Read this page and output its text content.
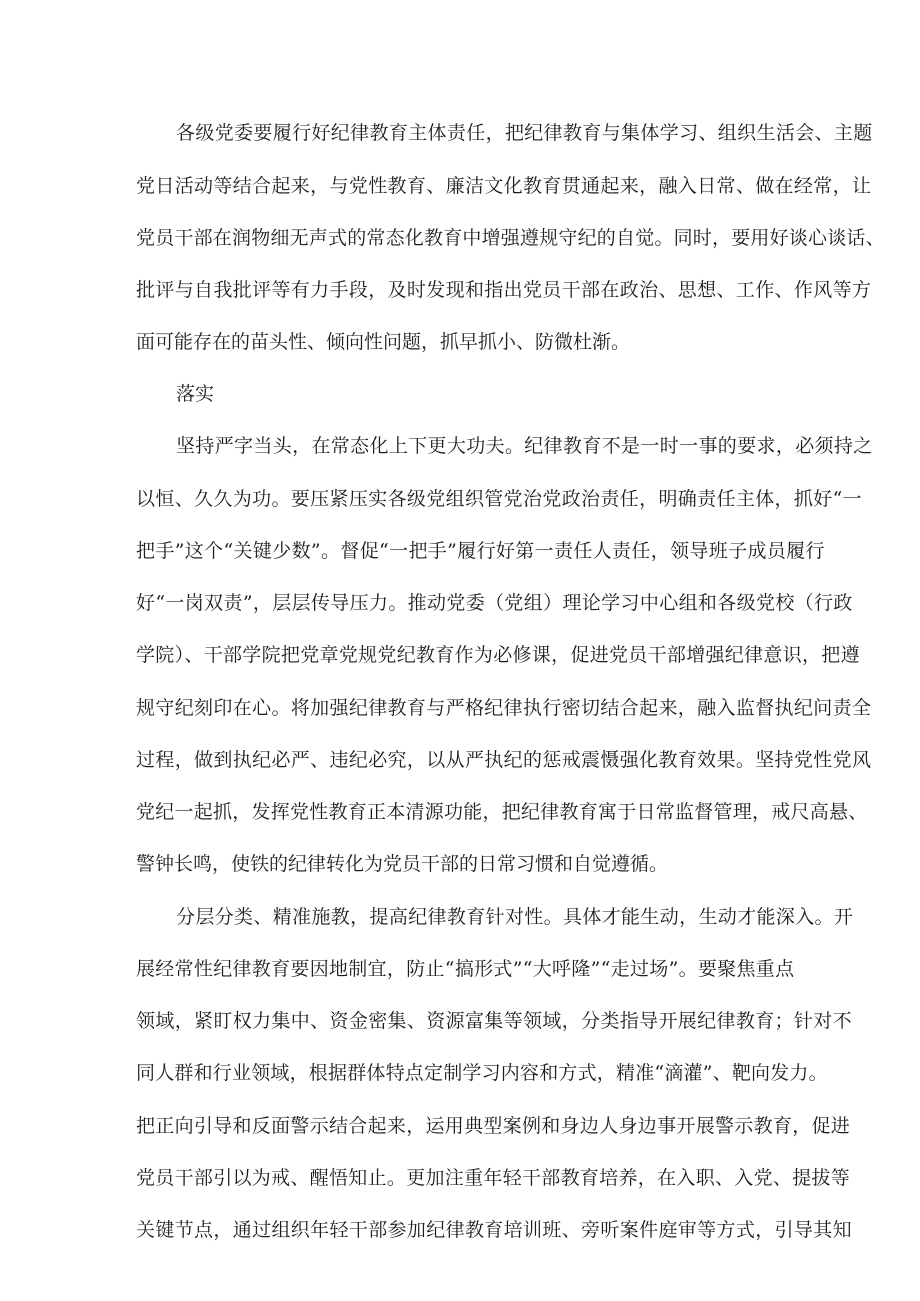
各级党委要履行好纪律教育主体责任，把纪律教育与集体学习、组织生活会、主题

党日活动等结合起来，与党性教育、廉洁文化教育贯通起来，融入日常、做在经常，让

党员干部在润物细无声式的常态化教育中增强遵规守纪的自觉。同时，要用好谈心谈话、

批评与自我批评等有力手段，及时发现和指出党员干部在政治、思想、工作、作风等方

面可能存在的苗头性、倾向性问题，抓早抓小、防微杜渐。

落实

坚持严字当头，在常态化上下更大功夫。纪律教育不是一时一事的要求，必须持之

以恒、久久为功。要压紧压实各级党组织管党治党政治责任，明确责任主体，抓好“一

把手”这个“关键少数”。督促“一把手”履行好第一责任人责任，领导班子成员履行

好“一岗双责”，层层传导压力。推动党委（党组）理论学习中心组和各级党校（行政

学院）、干部学院把党章党规党纪教育作为必修课，促进党员干部增强纪律意识，把遵

规守纪刻印在心。将加强纪律教育与严格纪律执行密切结合起来，融入监督执纪问责全

过程，做到执纪必严、违纪必究，以从严执纪的惩戒震慑强化教育效果。坚持党性党风

党纪一起抓，发挥党性教育正本清源功能，把纪律教育寓于日常监督管理，戒尺高悬、

警钟长鸣，使铁的纪律转化为党员干部的日常习惯和自觉遵循。

分层分类、精准施教，提高纪律教育针对性。具体才能生动，生动才能深入。开

展经常性纪律教育要因地制宜，防止“搞形式”“大呼隆”“走过场”。要聚焦重点

领域，紧盯权力集中、资金密集、资源富集等领域，分类指导开展纪律教育；针对不

同人群和行业领域，根据群体特点定制学习内容和方式，精准“滴灌”、靶向发力。

把正向引导和反面警示结合起来，运用典型案例和身边人身边事开展警示教育，促进

党员干部引以为戒、醒悟知止。更加注重年轻干部教育培养，在入职、入党、提拔等

关键节点，通过组织年轻干部参加纪律教育培训班、旁听案件庭审等方式，引导其知
